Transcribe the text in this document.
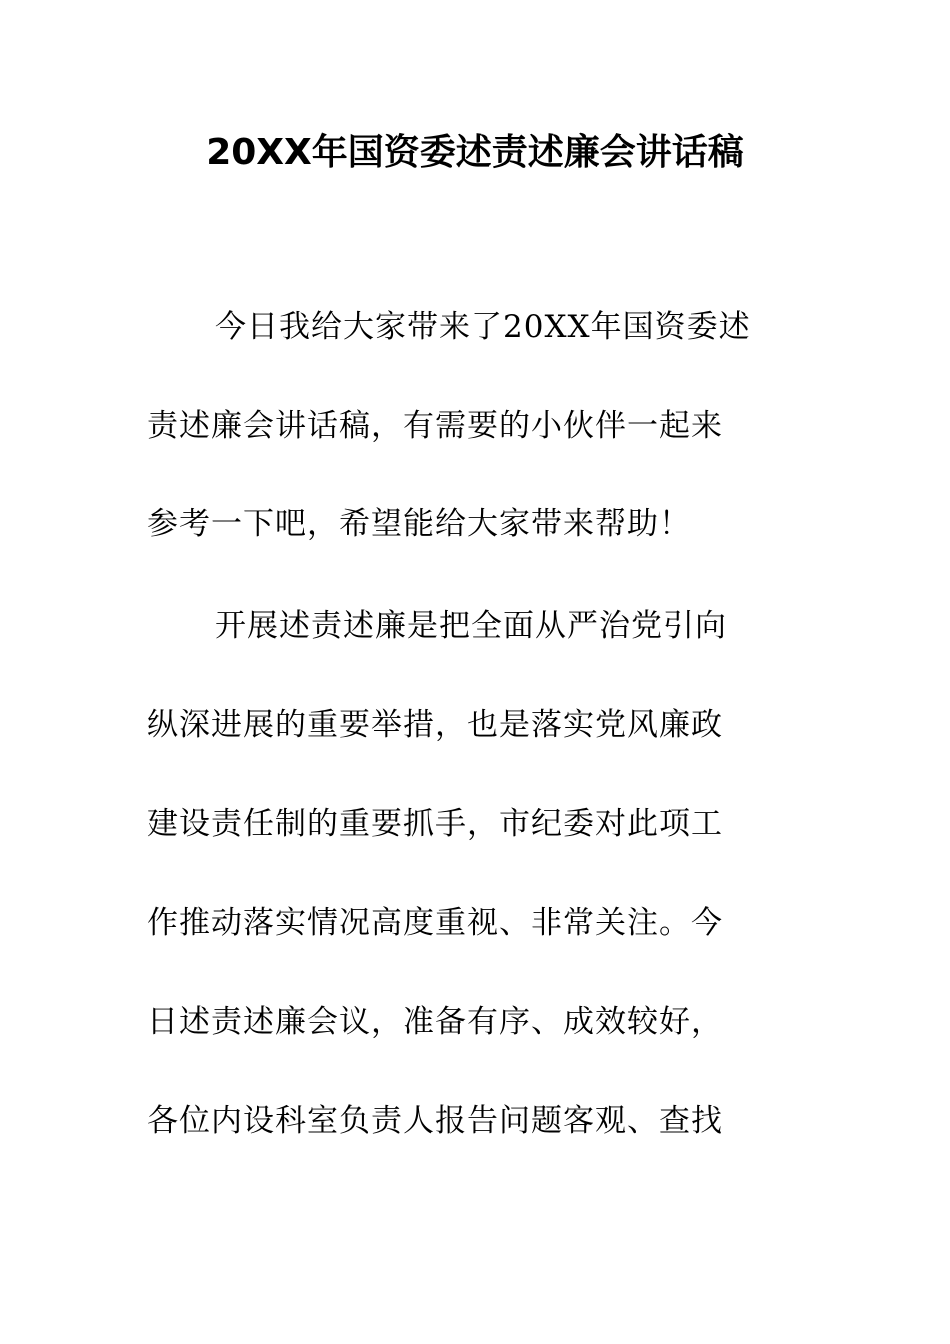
20XX年国资委述责述廉会讲话稿
今日我给大家带来了20XX年国资委述
责述廉会讲话稿，有需要的小伙伴一起来
参考一下吧，希望能给大家带来帮助！
开展述责述廉是把全面从严治党引向
纵深进展的重要举措，也是落实党风廉政
建设责任制的重要抓手，市纪委对此项工
作推动落实情况高度重视、非常关注。今
日述责述廉会议，准备有序、成效较好，
各位内设科室负责人报告问题客观、查找
